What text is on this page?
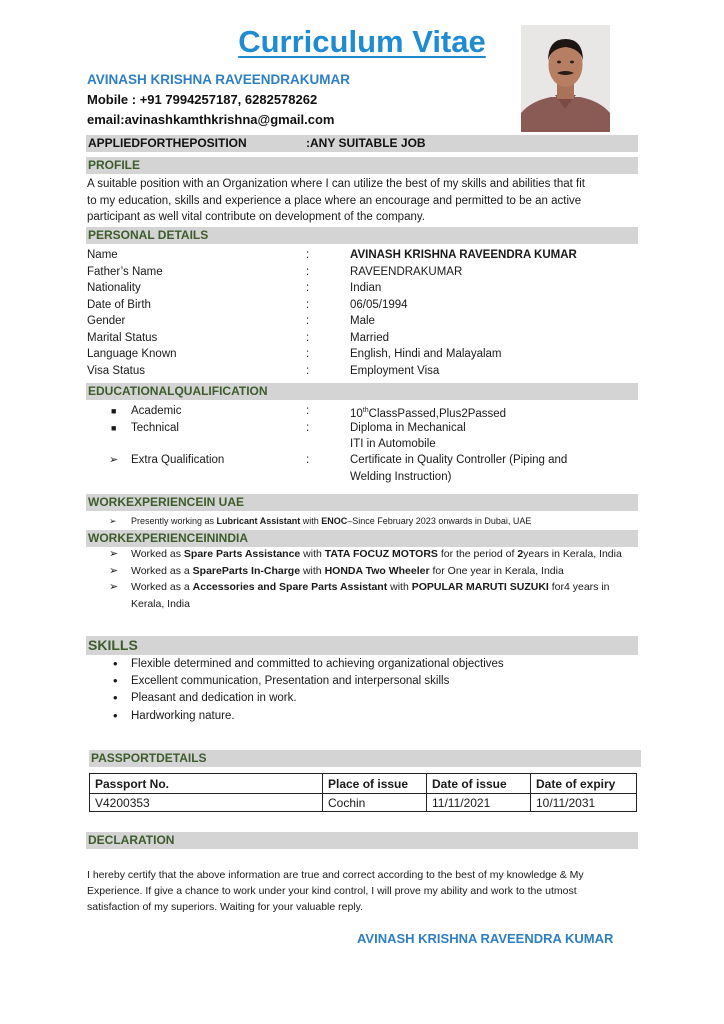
Curriculum Vitae
AVINASH KRISHNA RAVEENDRAKUMAR
Mobile : +91 7994257187, 6282578262
email:avinashkamthkrishna@gmail.com
APPLIEDFORTHEPOSITION	:ANY SUITABLE JOB
PROFILE
A suitable position with an Organization where I can utilize the best of my skills and abilities that fit
to my education, skills and experience a place where an encourage and permitted to be an active
participant as well vital contribute on development of the company.
PERSONAL DETAILS
Name	:	AVINASH KRISHNA RAVEENDRA KUMAR
Father’s Name	:	RAVEENDRAKUMAR
Nationality	:	Indian
Date of Birth	:	06/05/1994
Gender	:	Male
Marital Status	:	Married
Language Known	:	English, Hindi and Malayalam
Visa Status	:	Employment Visa
EDUCATIONALQUALIFICATION
■ Academic	:	10thClassPassed,Plus2Passed
■ Technical	:	Diploma in Mechanical
ITI in Automobile
➢ Extra Qualification	:	Certificate in Quality Controller (Piping and
Welding Instruction)
WORKEXPERIENCEIN UAE
➢ Presently working as Lubricant Assistant with ENOC–Since February 2023 onwards in Dubai, UAE
WORKEXPERIENCEININDIA
➢ Worked as Spare Parts Assistance with TATA FOCUZ MOTORS for the period of 2years in Kerala, India
➢ Worked as a SpareParts In-Charge with HONDA Two Wheeler for One year in Kerala, India
➢ Worked as a Accessories and Spare Parts Assistant with POPULAR MARUTI SUZUKI for4 years in
Kerala, India
SKILLS
• Flexible determined and committed to achieving organizational objectives
• Excellent communication, Presentation and interpersonal skills
• Pleasant and dedication in work.
• Hardworking nature.
PASSPORTDETAILS
Passport No.	Place of issue	Date of issue	Date of expiry
V4200353	Cochin	11/11/2021	10/11/2031
DECLARATION
I hereby certify that the above information are true and correct according to the best of my knowledge & My
Experience. If give a chance to work under your kind control, I will prove my ability and work to the utmost
satisfaction of my superiors. Waiting for your valuable reply.
AVINASH KRISHNA RAVEENDRA KUMAR
